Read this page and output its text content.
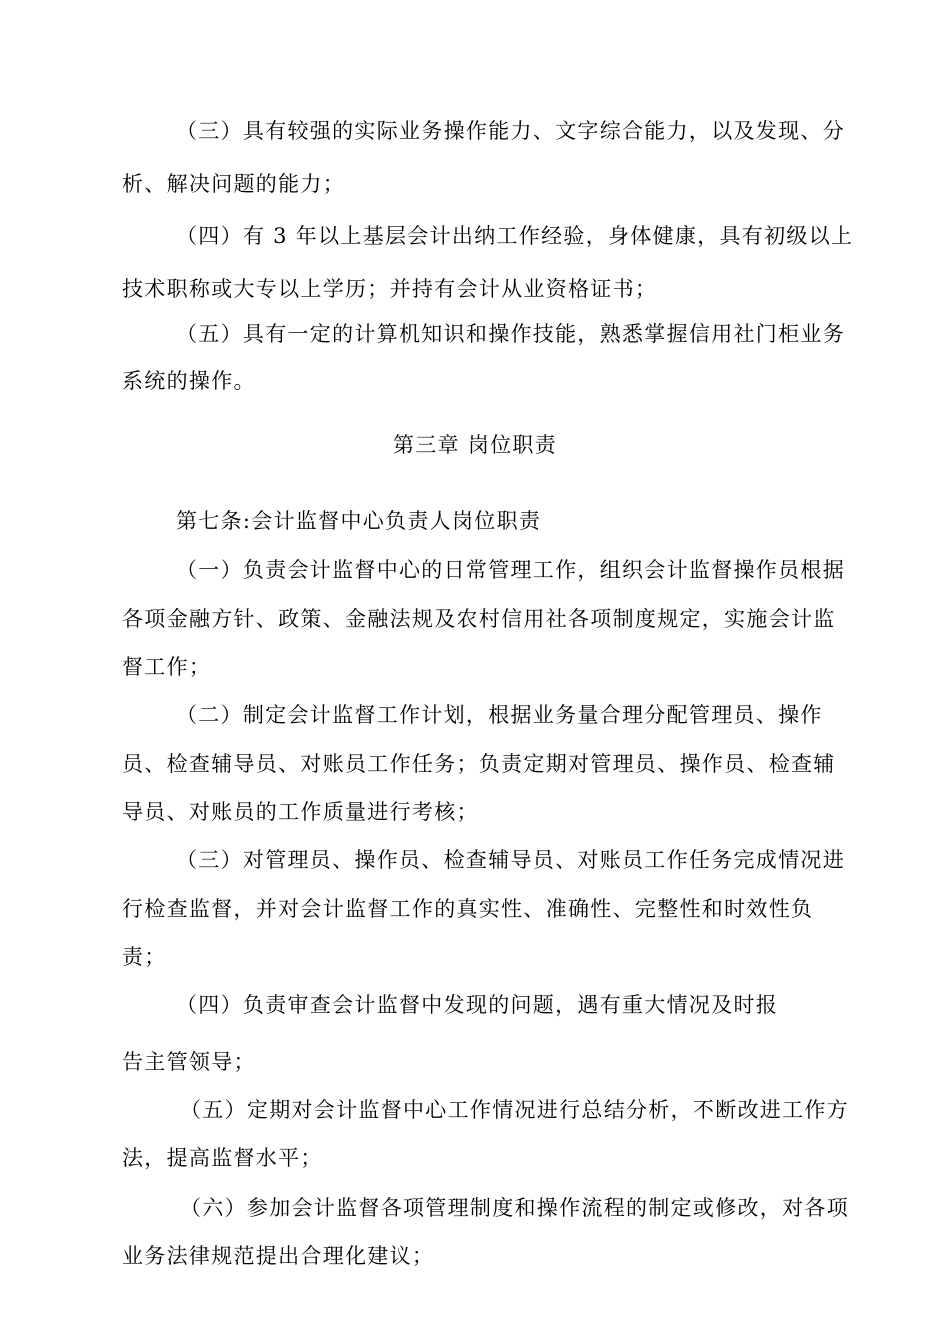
（三）具有较强的实际业务操作能力、文字综合能力，以及发现、分

析、解决问题的能力；

（四）有 3 年以上基层会计出纳工作经验，身体健康，具有初级以上

技术职称或大专以上学历；并持有会计从业资格证书；

（五）具有一定的计算机知识和操作技能，熟悉掌握信用社门柜业务

系统的操作。

第三章 岗位职责

第七条:会计监督中心负责人岗位职责

（一）负责会计监督中心的日常管理工作，组织会计监督操作员根据

各项金融方针、政策、金融法规及农村信用社各项制度规定，实施会计监

督工作；

（二）制定会计监督工作计划，根据业务量合理分配管理员、操作

员、检查辅导员、对账员工作任务；负责定期对管理员、操作员、检查辅

导员、对账员的工作质量进行考核；

（三）对管理员、操作员、检查辅导员、对账员工作任务完成情况进

行检查监督，并对会计监督工作的真实性、准确性、完整性和时效性负

责；

（四）负责审查会计监督中发现的问题，遇有重大情况及时报

告主管领导；

（五）定期对会计监督中心工作情况进行总结分析，不断改进工作方

法，提高监督水平；

（六）参加会计监督各项管理制度和操作流程的制定或修改，对各项

业务法律规范提出合理化建议；
